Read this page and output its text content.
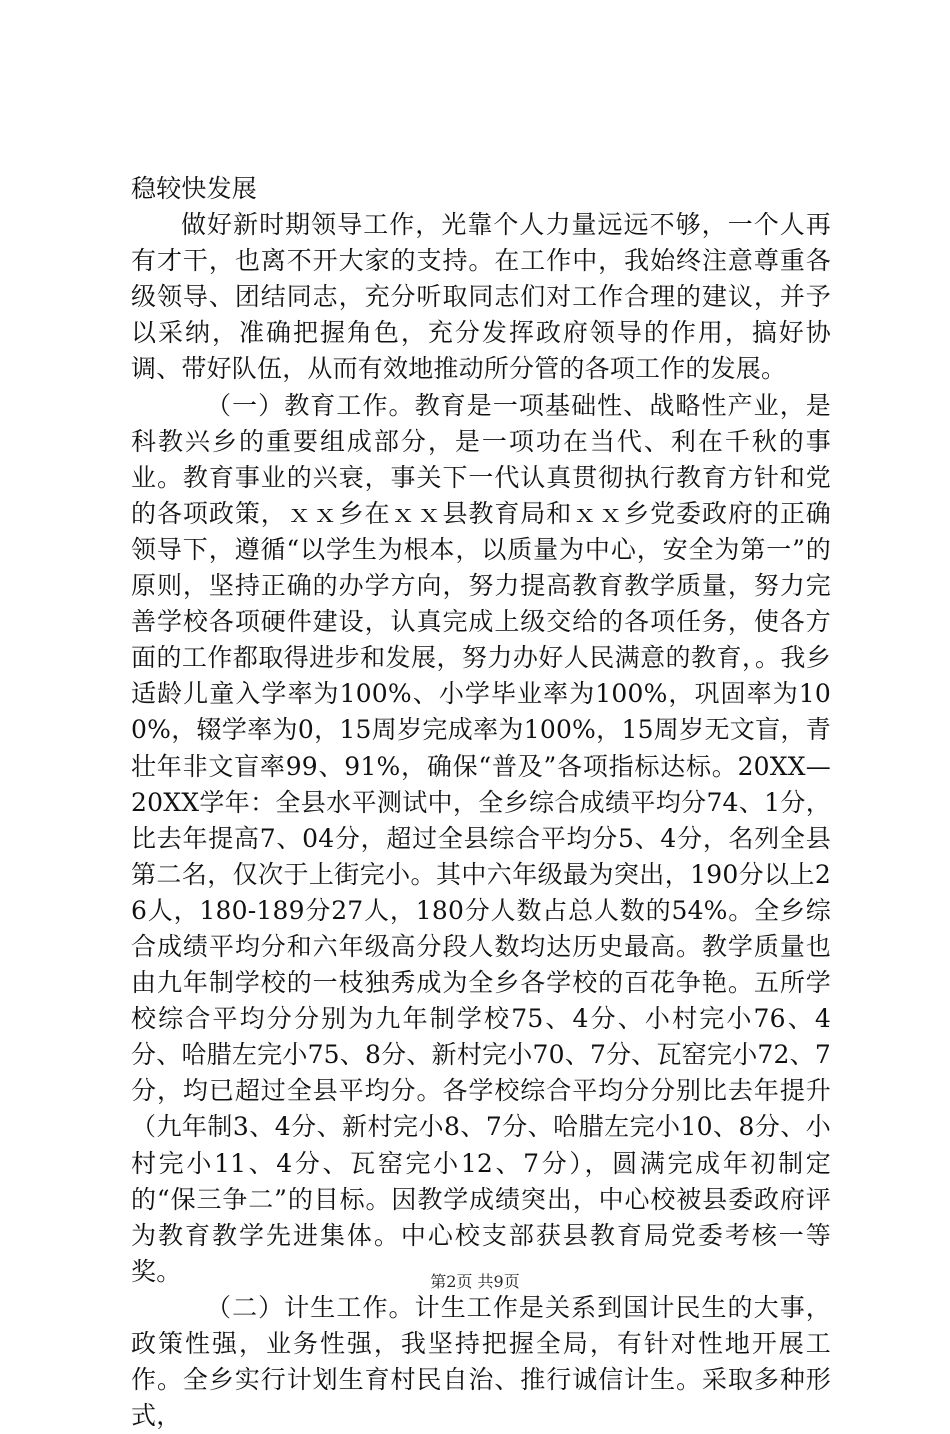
稳较快发展

做好新时期领导工作，光靠个人力量远远不够，一个人再有才干，也离不开大家的支持。在工作中，我始终注意尊重各级领导、团结同志，充分听取同志们对工作合理的建议，并予以采纳，准确把握角色，充分发挥政府领导的作用，搞好协调、带好队伍，从而有效地推动所分管的各项工作的发展。

（一）教育工作。教育是一项基础性、战略性产业，是科教兴乡的重要组成部分，是一项功在当代、利在千秋的事业。教育事业的兴衰，事关下一代认真贯彻执行教育方针和党的各项政策，ｘｘ乡在ｘｘ县教育局和ｘｘ乡党委政府的正确领导下，遵循“以学生为根本，以质量为中心，安全为第一”的原则，坚持正确的办学方向，努力提高教育教学质量，努力完善学校各项硬件建设，认真完成上级交给的各项任务，使各方面的工作都取得进步和发展，努力办好人民满意的教育，。我乡适龄儿童入学率为100%、小学毕业率为100%，巩固率为100%，辍学率为0，15周岁完成率为100%，15周岁无文盲，青壮年非文盲率99、91%，确保“普及”各项指标达标。20XX—20XX学年：全县水平测试中，全乡综合成绩平均分74、1分，比去年提高7、04分，超过全县综合平均分5、4分，名列全县第二名，仅次于上街完小。其中六年级最为突出，190分以上26人，180-189分27人，180分人数占总人数的54%。全乡综合成绩平均分和六年级高分段人数均达历史最高。教学质量也由九年制学校的一枝独秀成为全乡各学校的百花争艳。五所学校综合平均分分别为九年制学校75、4分、小村完小76、4分、哈腊左完小75、8分、新村完小70、7分、瓦窑完小72、7分，均已超过全县平均分。各学校综合平均分分别比去年提升（九年制3、4分、新村完小8、7分、哈腊左完小10、8分、小村完小11、4分、瓦窑完小12、7分），圆满完成年初制定的“保三争二”的目标。因教学成绩突出，中心校被县委政府评为教育教学先进集体。中心校支部获县教育局党委考核一等奖。

（二）计生工作。计生工作是关系到国计民生的大事，政策性强，业务性强，我坚持把握全局，有针对性地开展工作。全乡实行计划生育村民自治、推行诚信计生。采取多种形式，

第2页 共9页
